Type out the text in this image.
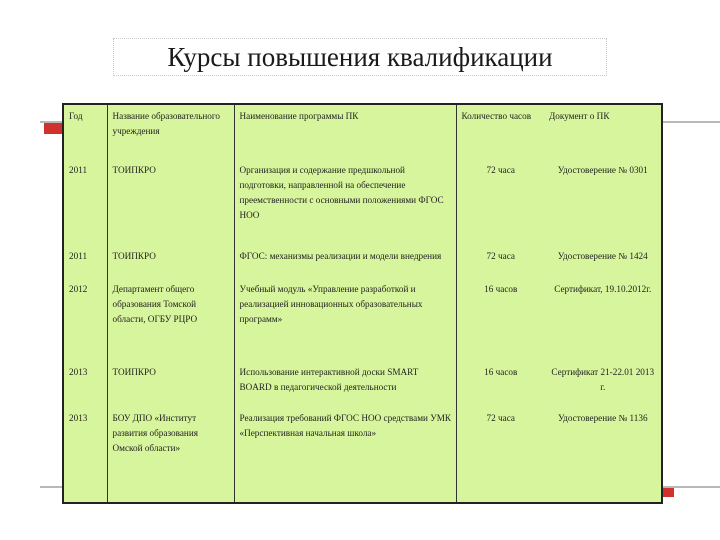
Курсы повышения квалификации
Год	Название образовательного учреждения	Наименование программы ПК	Количество часов	Документ о ПК
2011	ТОИПКРО	Организация и содержание предшкольной подготовки, направленной на обеспечение преемственности с основными положениями ФГОС НОО	72 часа	Удостоверение № 0301
2011	ТОИПКРО	ФГОС: механизмы реализации и модели внедрения	72 часа	Удостоверение № 1424
2012	Департамент общего образования Томской области, ОГБУ РЦРО	Учебный модуль «Управление разработкой и реализацией инновационных образовательных программ»	16 часов	Сертификат, 19.10.2012г.
2013	ТОИПКРО	Использование интерактивной доски SMART BOARD в педагогической деятельности	16 часов	Сертификат 21-22.01 2013 г.
2013	БОУ ДПО «Институт развития образования Омской области»	Реализация требований ФГОС НОО средствами УМК «Перспективная начальная школа»	72 часа	Удостоверение № 1136
